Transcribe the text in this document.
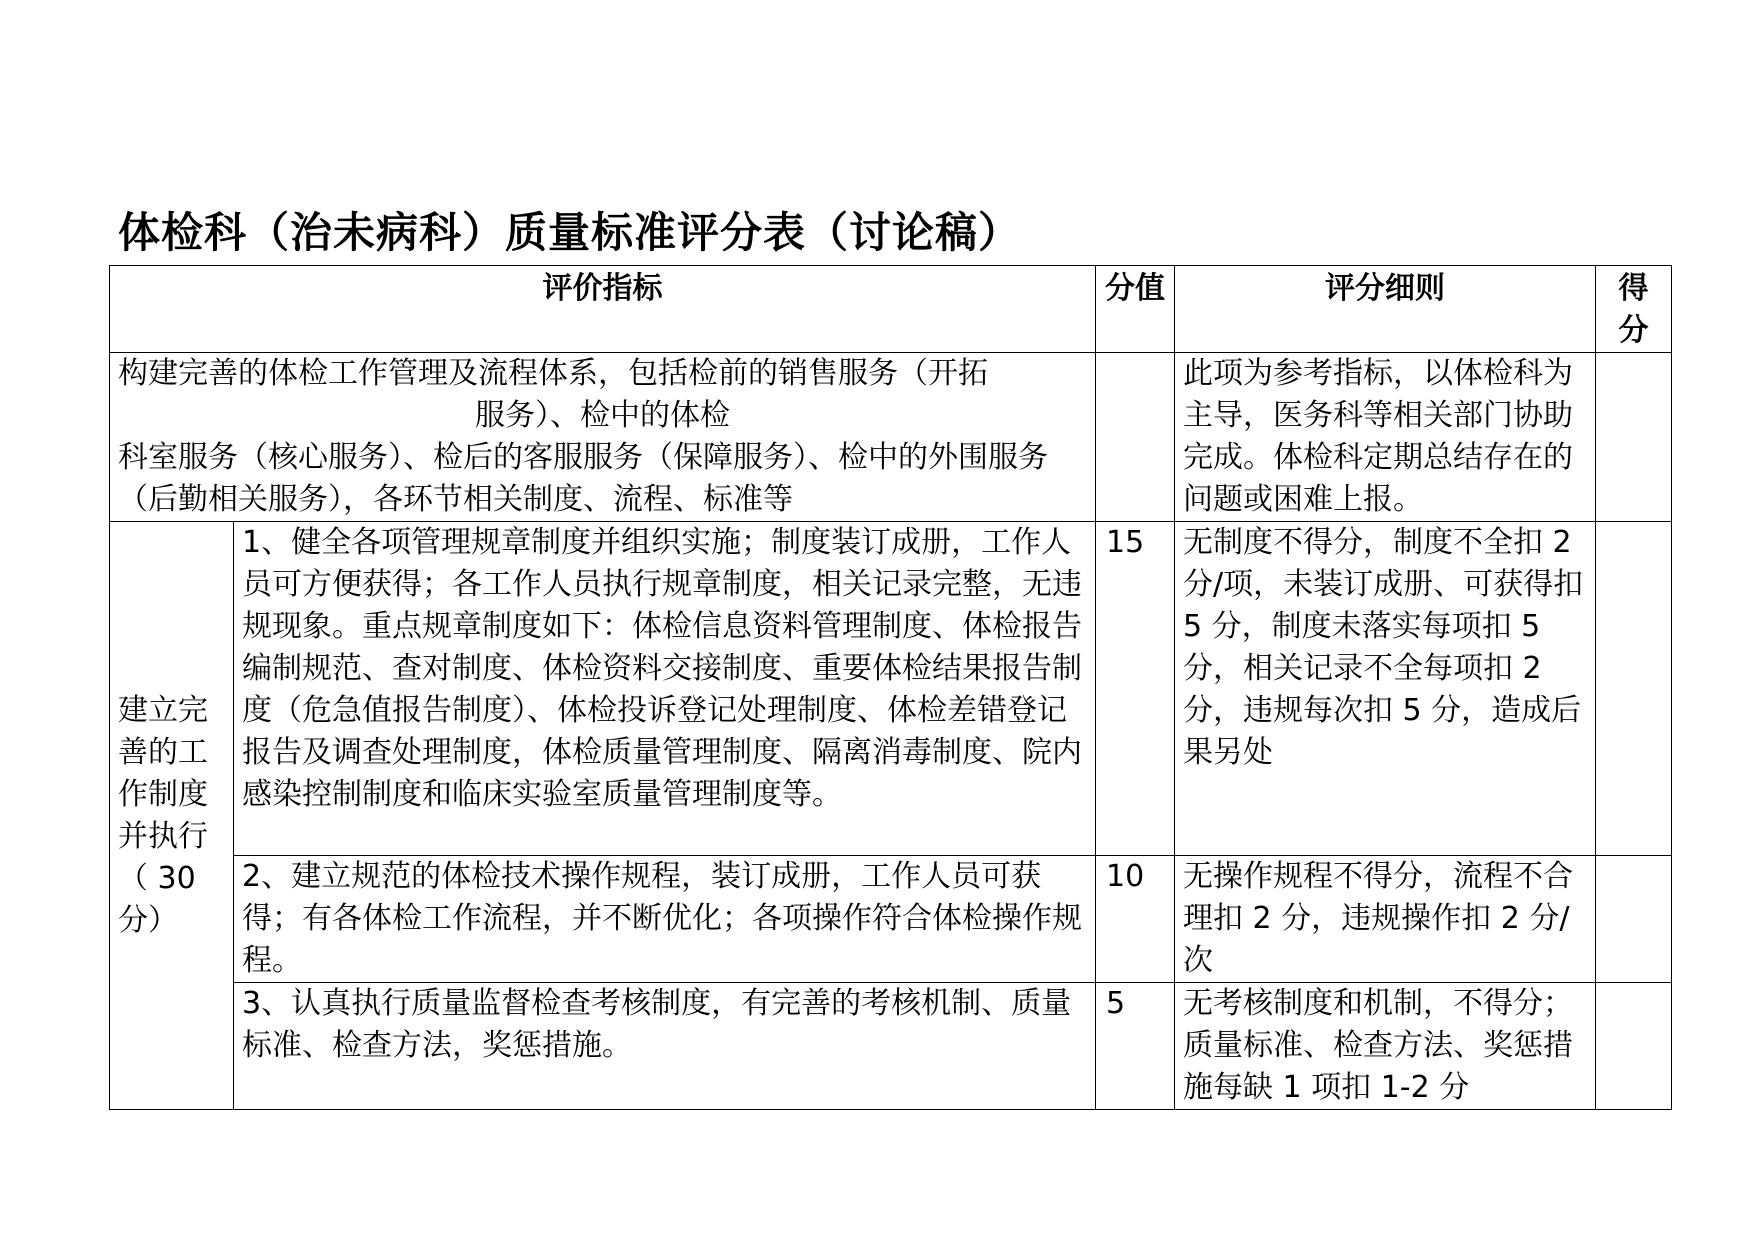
体检科（治未病科）质量标准评分表（讨论稿）
评价指标		分值	评分细则	得分

构建完善的体检工作管理及流程体系，包括检前的销售服务（开拓
服务）、检中的体检
科室服务（核心服务）、检后的客服服务（保障服务）、检中的外围服务（后勤相关服务），各环节相关制度、流程、标准等			此项为参考指标，以体检科为主导，医务科等相关部门协助完成。体检科定期总结存在的问题或困难上报。	
建立完善的工作制度并执行（ 30分）	1、健全各项管理规章制度并组织实施；制度装订成册，工作人员可方便获得；各工作人员执行规章制度，相关记录完整，无违规现象。重点规章制度如下：体检信息资料管理制度、体检报告编制规范、查对制度、体检资料交接制度、重要体检结果报告制度（危急值报告制度）、体检投诉登记处理制度、体检差错登记报告及调查处理制度，体检质量管理制度、隔离消毒制度、院内感染控制制度和临床实验室质量管理制度等。	15	无制度不得分，制度不全扣 2 分/项，未装订成册、可获得扣 5 分，制度未落实每项扣 5 分，相关记录不全每项扣 2 分，违规每次扣 5 分，造成后果另处	
	2、建立规范的体检技术操作规程，装订成册，工作人员可获得；有各体检工作流程，并不断优化；各项操作符合体检操作规程。	10	无操作规程不得分，流程不合理扣 2 分，违规操作扣 2 分/次	
	3、认真执行质量监督检查考核制度，有完善的考核机制、质量标准、检查方法，奖惩措施。	5	无考核制度和机制，不得分；质量标准、检查方法、奖惩措施每缺 1 项扣 1-2 分	
